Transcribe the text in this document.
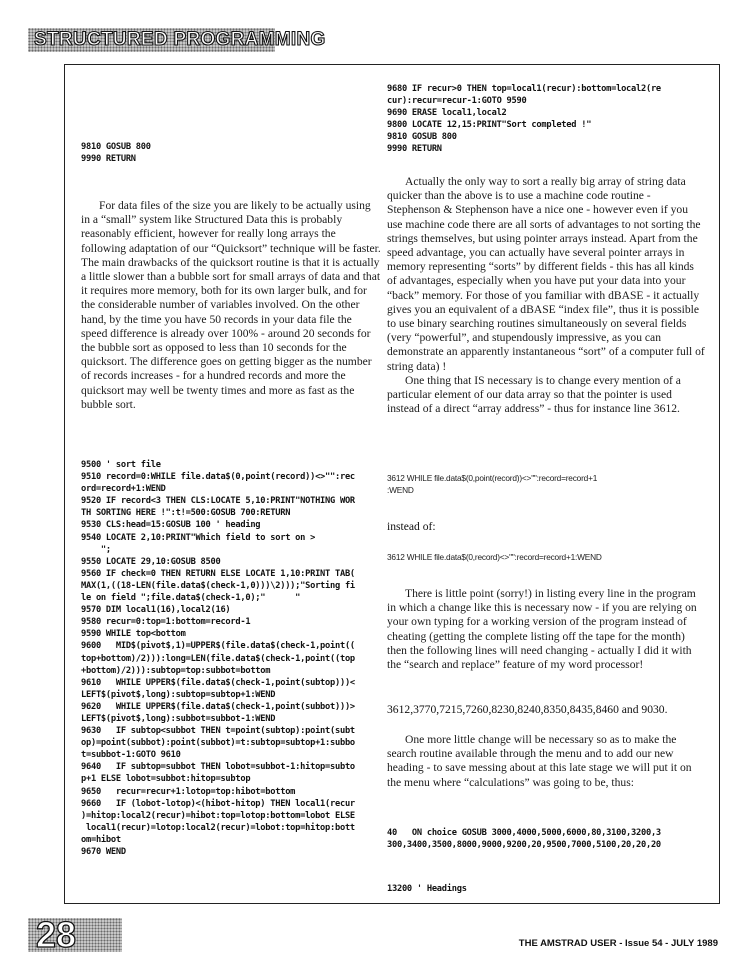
STRUCTURED PROGRAMMING
9810 GOSUB 800
9990 RETURN

For data files of the size you are likely to be actually using in a “small” system like Structured Data this is probably reasonably efficient, however for really long arrays the following adaptation of our “Quicksort” technique will be faster. The main drawbacks of the quicksort routine is that it is actually a little slower than a bubble sort for small arrays of data and that it requires more memory, both for its own larger bulk, and for the considerable number of variables involved. On the other hand, by the time you have 50 records in your data file the speed difference is already over 100% - around 20 seconds for the bubble sort as opposed to less than 10 seconds for the quicksort. The difference goes on getting bigger as the number of records increases - for a hundred records and more the quicksort may well be twenty times and more as fast as the bubble sort.

9500 ' sort file
9510 record=0:WHILE file.data$(0,point(record))<>"":rec
ord=record+1:WEND
9520 IF record<3 THEN CLS:LOCATE 5,10:PRINT"NOTHING WOR
TH SORTING HERE !":t!=500:GOSUB 700:RETURN
9530 CLS:head=15:GOSUB 100 ' heading
9540 LOCATE 2,10:PRINT"Which field to sort on >
";
9550 LOCATE 29,10:GOSUB 8500
9560 IF check=0 THEN RETURN ELSE LOCATE 1,10:PRINT TAB(
MAX(1,((18-LEN(file.data$(check-1,0)))\2)));"Sorting fi
le on field ";file.data$(check-1,0);"      "
9570 DIM local1(16),local2(16)
9580 recur=0:top=1:bottom=record-1
9590 WHILE top<bottom
9600   MID$(pivot$,1)=UPPER$(file.data$(check-1,point((
top+bottom)/2))):long=LEN(file.data$(check-1,point((top
+bottom)/2))):subtop=top:subbot=bottom
9610   WHILE UPPER$(file.data$(check-1,point(subtop)))<
LEFT$(pivot$,long):subtop=subtop+1:WEND
9620   WHILE UPPER$(file.data$(check-1,point(subbot)))>
LEFT$(pivot$,long):subbot=subbot-1:WEND
9630   IF subtop<subbot THEN t=point(subtop):point(subt
op)=point(subbot):point(subbot)=t:subtop=subtop+1:subbo
t=subbot-1:GOTO 9610
9640   IF subtop=subbot THEN lobot=subbot-1:hitop=subto
p+1 ELSE lobot=subbot:hitop=subtop
9650   recur=recur+1:lotop=top:hibot=bottom
9660   IF (lobot-lotop)<(hibot-hitop) THEN local1(recur
)=hitop:local2(recur)=hibot:top=lotop:bottom=lobot ELSE
local1(recur)=lotop:local2(recur)=lobot:top=hitop:bott
om=hibot
9670 WEND
9680 IF recur>0 THEN top=local1(recur):bottom=local2(re
cur):recur=recur-1:GOTO 9590
9690 ERASE local1,local2
9800 LOCATE 12,15:PRINT"Sort completed !"
9810 GOSUB 800
9990 RETURN

Actually the only way to sort a really big array of string data quicker than the above is to use a machine code routine - Stephenson & Stephenson have a nice one - however even if you use machine code there are all sorts of advantages to not sorting the strings themselves, but using pointer arrays instead. Apart from the speed advantage, you can actually have several pointer arrays in memory representing “sorts” by different fields - this has all kinds of advantages, especially when you have put your data into your “back” memory. For those of you familiar with dBASE - it actually gives you an equivalent of a dBASE “index file”, thus it is possible to use binary searching routines simultaneously on several fields (very “powerful”, and stupendously impressive, as you can demonstrate an apparently instantaneous “sort” of a computer full of string data) !

One thing that IS necessary is to change every mention of a particular element of our data array so that the pointer is used instead of a direct “array address” - thus for instance line 3612.

3612 WHILE file.data$(0,point(record))<>"":record=record+1
:WEND
instead of:
3612 WHILE file.data$(0,record)<>"":record=record+1:WEND

There is little point (sorry!) in listing every line in the program in which a change like this is necessary now - if you are relying on your own typing for a working version of the program instead of cheating (getting the complete listing off the tape for the month) then the following lines will need changing - actually I did it with the “search and replace” feature of my word processor!

3612,3770,7215,7260,8230,8240,8350,8435,8460 and 9030.

One more little change will be necessary so as to make the search routine available through the menu and to add our new heading - to save messing about at this late stage we will put it on the menu where “calculations” was going to be, thus:

40   ON choice GOSUB 3000,4000,5000,6000,80,3100,3200,3
300,3400,3500,8000,9000,9200,20,9500,7000,5100,20,20,20
13200 ' Headings
28	THE AMSTRAD USER - Issue 54 - JULY 1989
